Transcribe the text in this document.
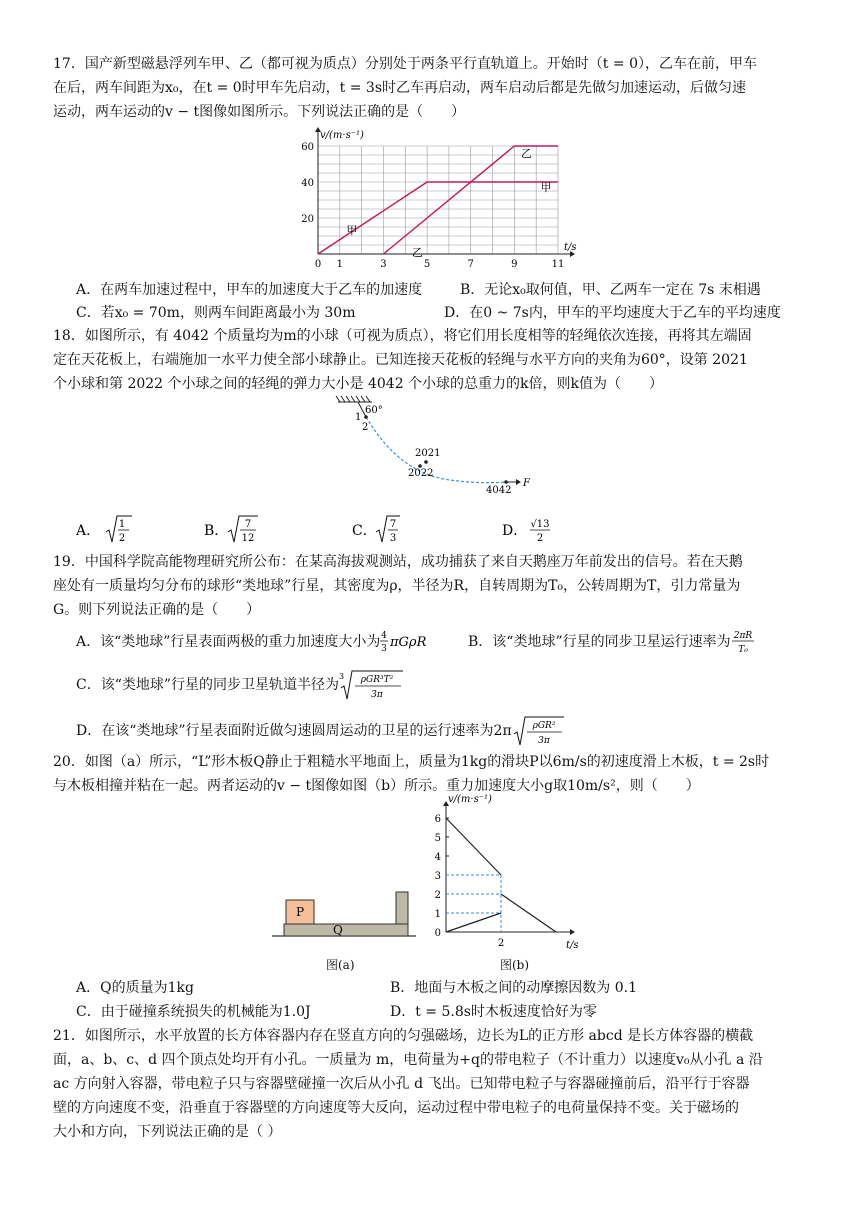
17．国产新型磁悬浮列车甲、乙（都可视为质点）分别处于两条平行直轨道上。开始时（t = 0），乙车在前，甲车
在后，两车间距为x₀，在t = 0时甲车先启动，t = 3s时乙车再启动，两车启动后都是先做匀加速运动，后做匀速
运动，两车运动的v − t图像如图所示。下列说法正确的是（　　）
0 1	3	5	7	9	11
20
40
60
t/s
v/(m·s⁻¹)
甲
乙
甲
乙
A．在两车加速过程中，甲车的加速度大于乙车的加速度	B．无论x₀取何值，甲、乙两车一定在 7s 末相遇
C．若x₀ = 70m，则两车间距离最小为 30m	D．在0 ~ 7s内，甲车的平均速度大于乙车的平均速度
18．如图所示，有 4042 个质量均为m的小球（可视为质点），将它们用长度相等的轻绳依次连接，再将其左端固
定在天花板上，右端施加一水平力使全部小球静止。已知连接天花板的轻绳与水平方向的夹角为60°，设第 2021
个小球和第 2022 个小球之间的轻绳的弹力大小是 4042 个小球的总重力的k倍，则k值为（　　）
60°
1
2
2021
2022
4042
F
A． 1
2	B． 7
12	C． 7
3	D． √13
2
19．中国科学院高能物理研究所公布：在某高海拔观测站，成功捕获了来自天鹅座万年前发出的信号。若在天鹅
座处有一质量均匀分布的球形“类地球”行星，其密度为ρ，半径为R，自转周期为T₀，公转周期为T，引力常量为
G。则下列说法正确的是（　　）
A．该“类地球”行星表面两极的重力加速度大小为 4
3 πGρR	B．该“类地球”行星的同步卫星运行速率为 2πR
T₀
C．该“类地球”行星的同步卫星轨道半径为
3 ρGR³T²
3π
D．在该“类地球”行星表面附近做匀速圆周运动的卫星的运行速率为2π ρGR²
3π
20．如图（a）所示，“L”形木板Q静止于粗糙水平地面上，质量为1kg的滑块P以6m/s的初速度滑上木板，t = 2s时
与木板相撞并粘在一起。两者运动的v − t图像如图（b）所示。重力加速度大小g取10m/s²，则（　　）
P
Q
图(a)
1
2
3
4
5
6
0
2	t/s
v/(m·s⁻¹)
图(b)
A．Q的质量为1kg	B．地面与木板之间的动摩擦因数为 0.1
C．由于碰撞系统损失的机械能为1.0J	D．t = 5.8s时木板速度恰好为零
21．如图所示，水平放置的长方体容器内存在竖直方向的匀强磁场，边长为L的正方形 abcd 是长方体容器的横截
面，a、b、c、d 四个顶点处均开有小孔。一质量为 m，电荷量为+q的带电粒子（不计重力）以速度v₀从小孔 a 沿
ac 方向射入容器，带电粒子只与容器壁碰撞一次后从小孔 d 飞出。已知带电粒子与容器碰撞前后，沿平行于容器
壁的方向速度不变，沿垂直于容器壁的方向速度等大反向，运动过程中带电粒子的电荷量保持不变。关于磁场的
大小和方向，下列说法正确的是（ ）
